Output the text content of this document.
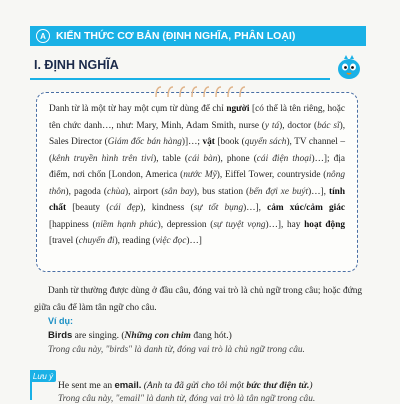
A KIẾN THỨC CƠ BẢN (ĐỊNH NGHĨA, PHÂN LOẠI)
I. ĐỊNH NGHĨA
Danh từ là một từ hay một cụm từ dùng để chỉ người [có thể là tên riêng, hoặc tên chức danh…, như: Mary, Minh, Adam Smith, nurse (y tá), doctor (bác sĩ), Sales Director (Giám đốc bán hàng)]…; vật [book (quyển sách), TV channel – (kênh truyền hình trên tivi), table (cái bàn), phone (cái điện thoại)…]; địa điểm, nơi chốn [London, America (nước Mỹ), Eiffel Tower, countryside (nông thôn), pagoda (chùa), airport (sân bay), bus station (bến đợi xe buýt)…], tính chất [beauty (cái đẹp), kindness (sự tốt bụng)…], cảm xúc/cảm giác [happiness (niềm hạnh phúc), depression (sự tuyệt vọng)…], hay hoạt động [travel (chuyến đi), reading (việc đọc)…]
Danh từ thường được dùng ở đầu câu, đóng vai trò là chủ ngữ trong câu; hoặc đứng giữa câu để làm tân ngữ cho câu.
Ví dụ:
Birds are singing. (Những con chim đang hót.)
Trong câu này, "birds" là danh từ, đóng vai trò là chủ ngữ trong câu.
Lưu ý
He sent me an email. (Anh ta đã gửi cho tôi một bức thư điện tử.)
Trong câu này, "email" là danh từ, đóng vai trò là tân ngữ trong câu.
